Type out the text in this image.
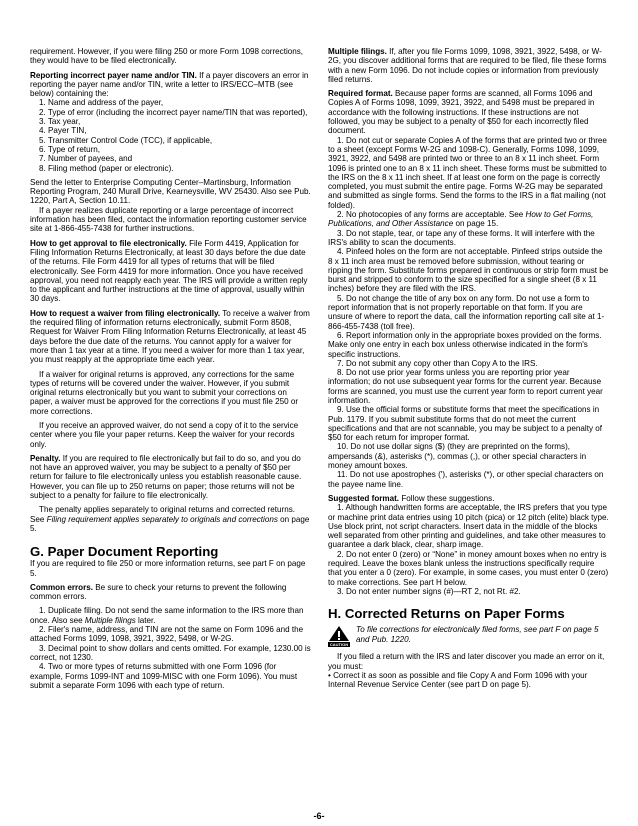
requirement. However, if you were filing 250 or more Form 1098 corrections, they would have to be filed electronically.

Reporting incorrect payer name and/or TIN. If a payer discovers an error in reporting the payer name and/or TIN, write a letter to IRS/ECC–MTB (see below) containing the:

1. Name and address of the payer,

2. Type of error (including the incorrect payer name/TIN that was reported),

3. Tax year,

4. Payer TIN,

5. Transmitter Control Code (TCC), if applicable,

6. Type of return,

7. Number of payees, and

8. Filing method (paper or electronic).

Send the letter to Enterprise Computing Center–Martinsburg, Information Reporting Program, 240 Murall Drive, Kearneysville, WV 25430. Also see Pub. 1220, Part A, Section 10.11.

If a payer realizes duplicate reporting or a large percentage of incorrect information has been filed, contact the information reporting customer service site at 1-866-455-7438 for further instructions.

How to get approval to file electronically. File Form 4419, Application for Filing Information Returns Electronically, at least 30 days before the due date of the returns. File Form 4419 for all types of returns that will be filed electronically. See Form 4419 for more information. Once you have received approval, you need not reapply each year. The IRS will provide a written reply to the applicant and further instructions at the time of approval, usually within 30 days.

How to request a waiver from filing electronically. To receive a waiver from the required filing of information returns electronically, submit Form 8508, Request for Waiver From Filing Information Returns Electronically, at least 45 days before the due date of the returns. You cannot apply for a waiver for more than 1 tax year at a time. If you need a waiver for more than 1 tax year, you must reapply at the appropriate time each year.

If a waiver for original returns is approved, any corrections for the same types of returns will be covered under the waiver. However, if you submit original returns electronically but you want to submit your corrections on paper, a waiver must be approved for the corrections if you must file 250 or more corrections.

If you receive an approved waiver, do not send a copy of it to the service center where you file your paper returns. Keep the waiver for your records only.

Penalty. If you are required to file electronically but fail to do so, and you do not have an approved waiver, you may be subject to a penalty of $50 per return for failure to file electronically unless you establish reasonable cause. However, you can file up to 250 returns on paper; those returns will not be subject to a penalty for failure to file electronically.

The penalty applies separately to original returns and corrected returns. See Filing requirement applies separately to originals and corrections on page 5.

G. Paper Document Reporting

If you are required to file 250 or more information returns, see part F on page 5.

Common errors. Be sure to check your returns to prevent the following common errors.

1. Duplicate filing. Do not send the same information to the IRS more than once. Also see Multiple filings later.

2. Filer's name, address, and TIN are not the same on Form 1096 and the attached Forms 1099, 1098, 3921, 3922, 5498, or W-2G.

3. Decimal point to show dollars and cents omitted. For example, 1230.00 is correct, not 1230.

4. Two or more types of returns submitted with one Form 1096 (for example, Forms 1099-INT and 1099-MISC with one Form 1096). You must submit a separate Form 1096 with each type of return.

Multiple filings. If, after you file Forms 1099, 1098, 3921, 3922, 5498, or W-2G, you discover additional forms that are required to be filed, file these forms with a new Form 1096. Do not include copies or information from previously filed returns.

Required format. Because paper forms are scanned, all Forms 1096 and Copies A of Forms 1098, 1099, 3921, 3922, and 5498 must be prepared in accordance with the following instructions. If these instructions are not followed, you may be subject to a penalty of $50 for each incorrectly filed document.

1. Do not cut or separate Copies A of the forms that are printed two or three to a sheet (except Forms W-2G and 1098-C). Generally, Forms 1098, 1099, 3921, 3922, and 5498 are printed two or three to an 8 x 11 inch sheet. Form 1096 is printed one to an 8 x 11 inch sheet. These forms must be submitted to the IRS on the 8 x 11 inch sheet. If at least one form on the page is correctly completed, you must submit the entire page. Forms W-2G may be separated and submitted as single forms. Send the forms to the IRS in a flat mailing (not folded).

2. No photocopies of any forms are acceptable. See How to Get Forms, Publications, and Other Assistance on page 15.

3. Do not staple, tear, or tape any of these forms. It will interfere with the IRS's ability to scan the documents.

4. Pinfeed holes on the form are not acceptable. Pinfeed strips outside the 8 x 11 inch area must be removed before submission, without tearing or ripping the form. Substitute forms prepared in continuous or strip form must be burst and stripped to conform to the size specified for a single sheet (8 x 11 inches) before they are filed with the IRS.

5. Do not change the title of any box on any form. Do not use a form to report information that is not properly reportable on that form. If you are unsure of where to report the data, call the information reporting call site at 1-866-455-7438 (toll free).

6. Report information only in the appropriate boxes provided on the forms. Make only one entry in each box unless otherwise indicated in the form's specific instructions.

7. Do not submit any copy other than Copy A to the IRS.

8. Do not use prior year forms unless you are reporting prior year information; do not use subsequent year forms for the current year. Because forms are scanned, you must use the current year form to report current year information.

9. Use the official forms or substitute forms that meet the specifications in Pub. 1179. If you submit substitute forms that do not meet the current specifications and that are not scannable, you may be subject to a penalty of $50 for each return for improper format.

10. Do not use dollar signs ($) (they are preprinted on the forms), ampersands (&), asterisks (*), commas (,), or other special characters in money amount boxes.

11. Do not use apostrophes ('), asterisks (*), or other special characters on the payee name line.

Suggested format. Follow these suggestions.

1. Although handwritten forms are acceptable, the IRS prefers that you type or machine print data entries using 10 pitch (pica) or 12 pitch (elite) black type. Use block print, not script characters. Insert data in the middle of the blocks well separated from other printing and guidelines, and take other measures to guarantee a dark black, clear, sharp image.

2. Do not enter 0 (zero) or “None” in money amount boxes when no entry is required. Leave the boxes blank unless the instructions specifically require that you enter a 0 (zero). For example, in some cases, you must enter 0 (zero) to make corrections. See part H below.

3. Do not enter number signs (#)—RT 2, not Rt. #2.

H. Corrected Returns on Paper Forms
CAUTION

To file corrections for electronically filed forms, see part F on page 5 and Pub. 1220.

If you filed a return with the IRS and later discover you made an error on it, you must:

• Correct it as soon as possible and file Copy A and Form 1096 with your Internal Revenue Service Center (see part D on page 5).

-6-
